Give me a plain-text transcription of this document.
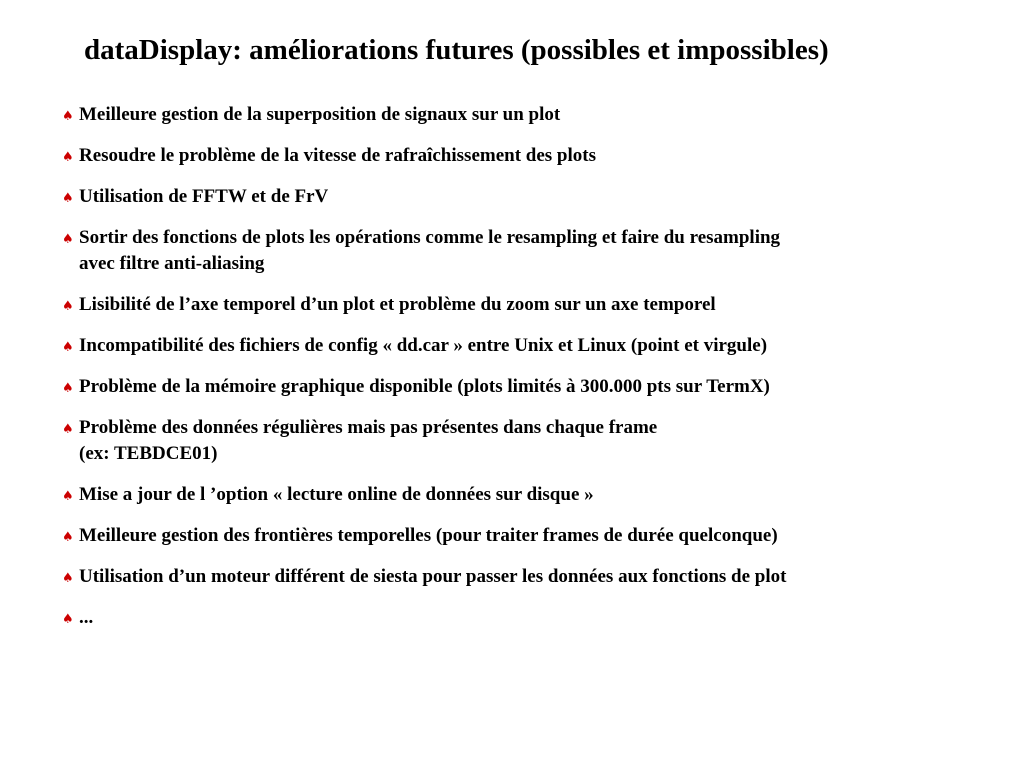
dataDisplay: améliorations futures (possibles et impossibles)
♠ Meilleure gestion de la superposition de signaux sur un plot
♠ Resoudre le problème de la vitesse de rafraîchissement des plots
♠ Utilisation de FFTW et de FrV
♠ Sortir des fonctions de plots les opérations comme le resampling et faire du resampling
avec filtre anti-aliasing
♠ Lisibilité de l’axe temporel d’un plot et problème du zoom sur un axe temporel
♠ Incompatibilité des fichiers de config « dd.car » entre Unix et Linux (point et virgule)
♠ Problème de la mémoire graphique disponible (plots limités à 300.000 pts sur TermX)
♠ Problème des données régulières mais pas présentes dans chaque frame
(ex: TEBDCE01)
♠ Mise a jour de l ’option « lecture online de données sur disque »
♠ Meilleure gestion des frontières temporelles (pour traiter frames de durée quelconque)
♠ Utilisation d’un moteur différent de siesta pour passer les données aux fonctions de plot
♠ ...
